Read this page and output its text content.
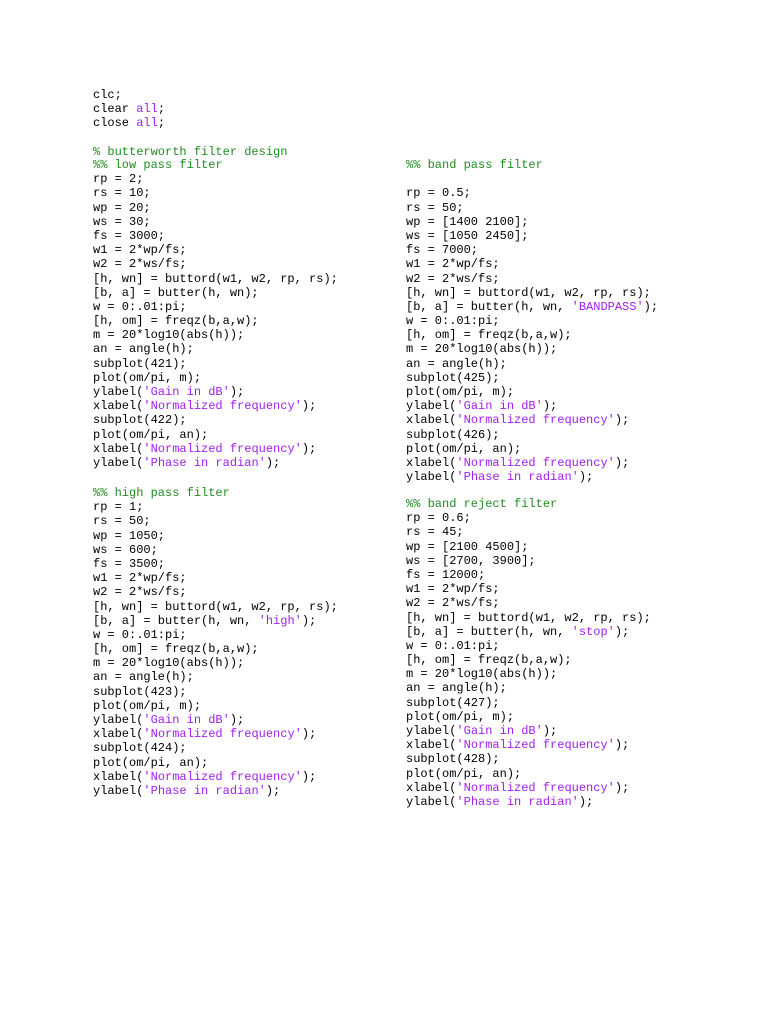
clc;
clear all;
close all;
% butterworth filter design
%% low pass filter
rp = 2;
rs = 10;
wp = 20;
ws = 30;
fs = 3000;
w1 = 2*wp/fs;
w2 = 2*ws/fs;
[h, wn] = buttord(w1, w2, rp, rs);
[b, a] = butter(h, wn);
w = 0:.01:pi;
[h, om] = freqz(b,a,w);
m = 20*log10(abs(h));
an = angle(h);
subplot(421);
plot(om/pi, m);
ylabel('Gain in dB');
xlabel('Normalized frequency');
subplot(422);
plot(om/pi, an);
xlabel('Normalized frequency');
ylabel('Phase in radian');
%% high pass filter
rp = 1;
rs = 50;
wp = 1050;
ws = 600;
fs = 3500;
w1 = 2*wp/fs;
w2 = 2*ws/fs;
[h, wn] = buttord(w1, w2, rp, rs);
[b, a] = butter(h, wn, 'high');
w = 0:.01:pi;
[h, om] = freqz(b,a,w);
m = 20*log10(abs(h));
an = angle(h);
subplot(423);
plot(om/pi, m);
ylabel('Gain in dB');
xlabel('Normalized frequency');
subplot(424);
plot(om/pi, an);
xlabel('Normalized frequency');
ylabel('Phase in radian');
%% band pass filter
rp = 0.5;
rs = 50;
wp = [1400 2100];
ws = [1050 2450];
fs = 7000;
w1 = 2*wp/fs;
w2 = 2*ws/fs;
[h, wn] = buttord(w1, w2, rp, rs);
[b, a] = butter(h, wn, 'BANDPASS');
w = 0:.01:pi;
[h, om] = freqz(b,a,w);
m = 20*log10(abs(h));
an = angle(h);
subplot(425);
plot(om/pi, m);
ylabel('Gain in dB');
xlabel('Normalized frequency');
subplot(426);
plot(om/pi, an);
xlabel('Normalized frequency');
ylabel('Phase in radian');
%% band reject filter
rp = 0.6;
rs = 45;
wp = [2100 4500];
ws = [2700, 3900];
fs = 12000;
w1 = 2*wp/fs;
w2 = 2*ws/fs;
[h, wn] = buttord(w1, w2, rp, rs);
[b, a] = butter(h, wn, 'stop');
w = 0:.01:pi;
[h, om] = freqz(b,a,w);
m = 20*log10(abs(h));
an = angle(h);
subplot(427);
plot(om/pi, m);
ylabel('Gain in dB');
xlabel('Normalized frequency');
subplot(428);
plot(om/pi, an);
xlabel('Normalized frequency');
ylabel('Phase in radian');
